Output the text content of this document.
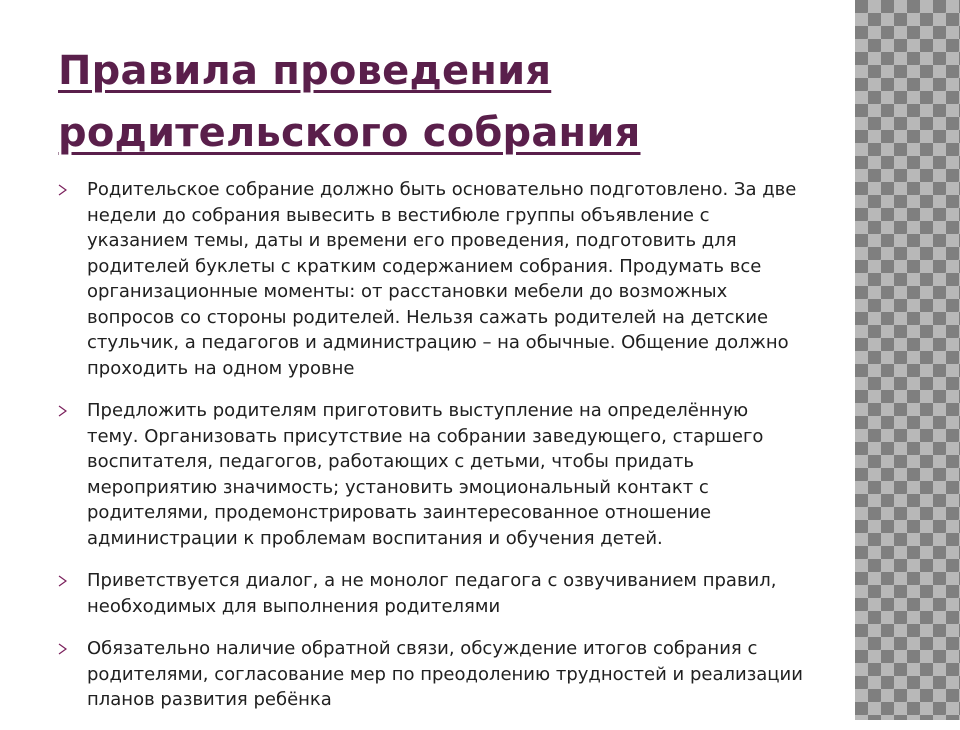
Правила проведения
родительского собрания
Родительское собрание должно быть основательно подготовлено. За две недели до собрания вывесить в вестибюле группы объявление с указанием темы, даты и времени его проведения, подготовить для родителей буклеты с кратким содержанием собрания. Продумать все организационные моменты: от расстановки мебели до возможных вопросов со стороны родителей. Нельзя сажать родителей на детские стульчик, а педагогов и администрацию – на обычные. Общение должно проходить на одном уровне
Предложить родителям приготовить выступление на определённую тему. Организовать присутствие на собрании заведующего, старшего воспитателя, педагогов, работающих с детьми, чтобы придать мероприятию значимость; установить эмоциональный контакт с родителями, продемонстрировать заинтересованное отношение администрации к проблемам воспитания и обучения детей.
Приветствуется диалог, а не монолог педагога с озвучиванием правил, необходимых для выполнения родителями
Обязательно наличие обратной связи, обсуждение итогов собрания с родителями, согласование мер по преодолению трудностей и реализации планов развития ребёнка
